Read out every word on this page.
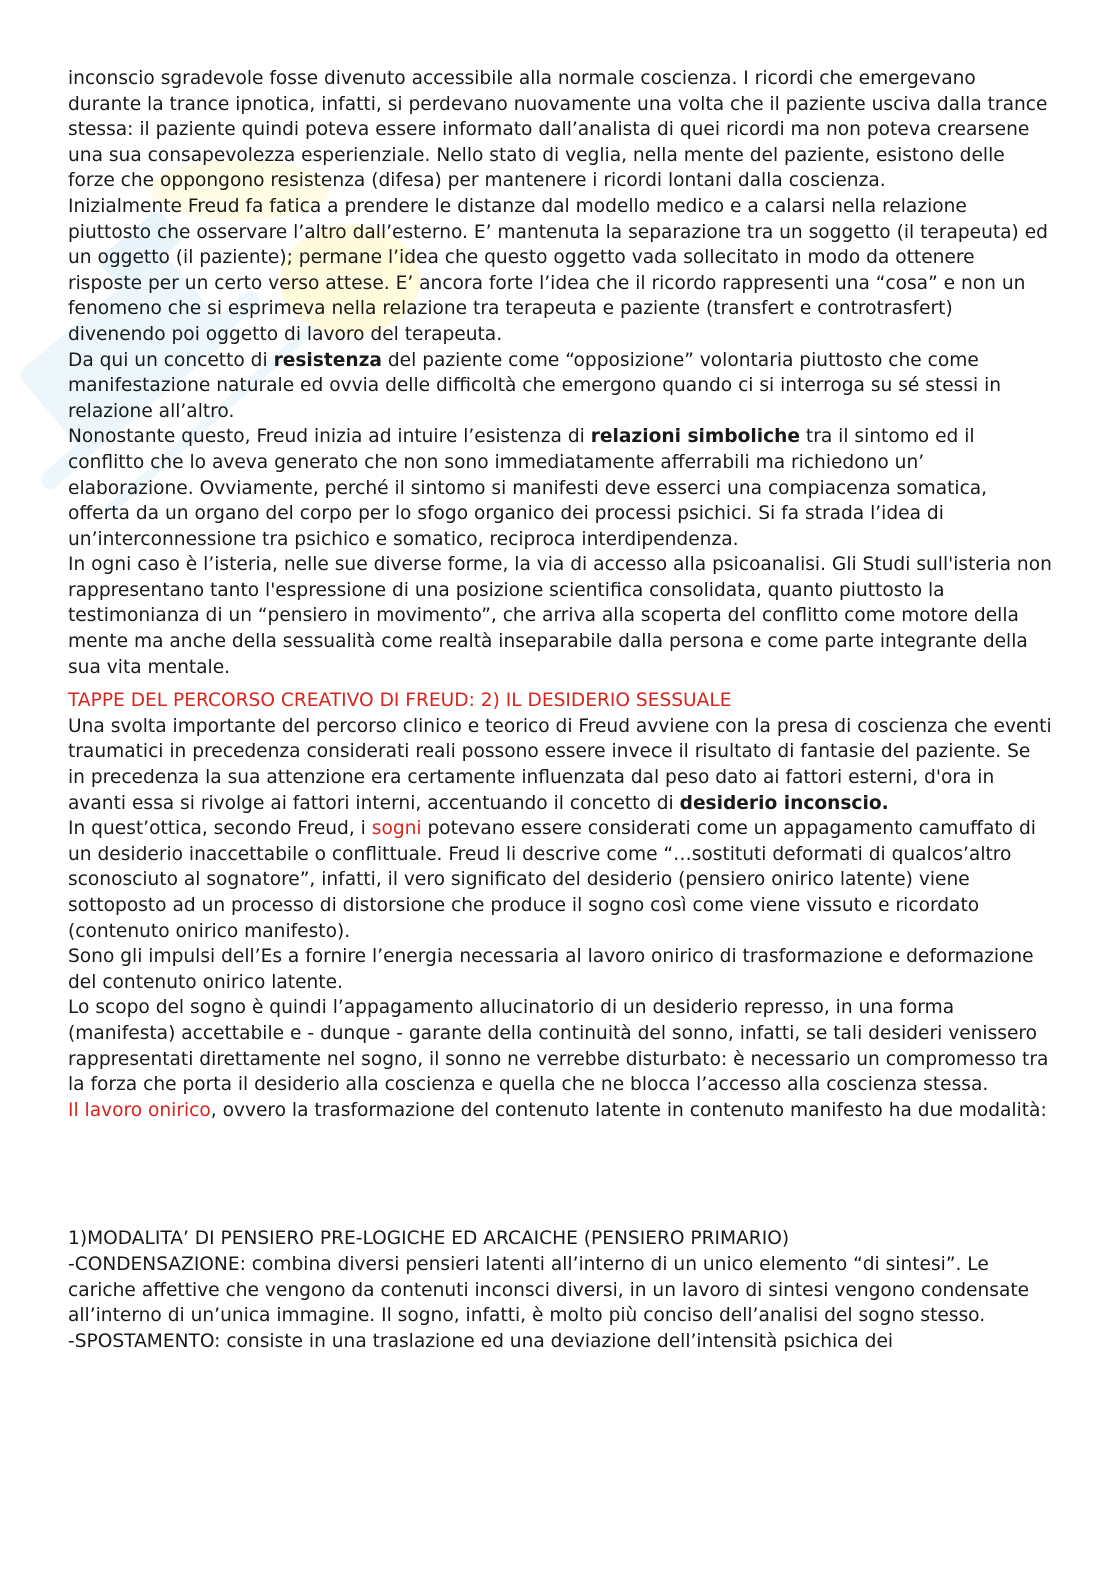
inconscio sgradevole fosse divenuto accessibile alla normale coscienza. I ricordi che emergevano durante la trance ipnotica, infatti, si perdevano nuovamente una volta che il paziente usciva dalla trance stessa: il paziente quindi poteva essere informato dall’analista di quei ricordi ma non poteva crearsene una sua consapevolezza esperienziale. Nello stato di veglia, nella mente del paziente, esistono delle forze che oppongono resistenza (difesa) per mantenere i ricordi lontani dalla coscienza.

Inizialmente Freud fa fatica a prendere le distanze dal modello medico e a calarsi nella relazione piuttosto che osservare l’altro dall’esterno. E’ mantenuta la separazione tra un soggetto (il terapeuta) ed un oggetto (il paziente); permane l’idea che questo oggetto vada sollecitato in modo da ottenere risposte per un certo verso attese. E’ ancora forte l’idea che il ricordo rappresenti una “cosa” e non un fenomeno che si esprimeva nella relazione tra terapeuta e paziente (transfert e controtrasfert) divenendo poi oggetto di lavoro del terapeuta.

Da qui un concetto di resistenza del paziente come “opposizione” volontaria piuttosto che come manifestazione naturale ed ovvia delle difficoltà che emergono quando ci si interroga su sé stessi in relazione all’altro.

Nonostante questo, Freud inizia ad intuire l’esistenza di relazioni simboliche tra il sintomo ed il conflitto che lo aveva generato che non sono immediatamente afferrabili ma richiedono un’ elaborazione. Ovviamente, perché il sintomo si manifesti deve esserci una compiacenza somatica, offerta da un organo del corpo per lo sfogo organico dei processi psichici. Si fa strada l’idea di un’interconnessione tra psichico e somatico, reciproca interdipendenza.

In ogni caso è l’isteria, nelle sue diverse forme, la via di accesso alla psicoanalisi. Gli Studi sull'isteria non rappresentano tanto l'espressione di una posizione scientifica consolidata, quanto piuttosto la testimonianza di un “pensiero in movimento”, che arriva alla scoperta del conflitto come motore della mente ma anche della sessualità come realtà inseparabile dalla persona e come parte integrante della sua vita mentale.

TAPPE DEL PERCORSO CREATIVO DI FREUD: 2) IL DESIDERIO SESSUALE

Una svolta importante del percorso clinico e teorico di Freud avviene con la presa di coscienza che eventi traumatici in precedenza considerati reali possono essere invece il risultato di fantasie del paziente. Se in precedenza la sua attenzione era certamente influenzata dal peso dato ai fattori esterni, d'ora in avanti essa si rivolge ai fattori interni, accentuando il concetto di desiderio inconscio.

In quest’ottica, secondo Freud, i sogni potevano essere considerati come un appagamento camuffato di un desiderio inaccettabile o conflittuale. Freud li descrive come “…sostituti deformati di qualcos’altro sconosciuto al sognatore”, infatti, il vero significato del desiderio (pensiero onirico latente) viene sottoposto ad un processo di distorsione che produce il sogno così come viene vissuto e ricordato (contenuto onirico manifesto).

Sono gli impulsi dell’Es a fornire l’energia necessaria al lavoro onirico di trasformazione e deformazione del contenuto onirico latente.

Lo scopo del sogno è quindi l’appagamento allucinatorio di un desiderio represso, in una forma (manifesta) accettabile e - dunque - garante della continuità del sonno, infatti, se tali desideri venissero rappresentati direttamente nel sogno, il sonno ne verrebbe disturbato: è necessario un compromesso tra la forza che porta il desiderio alla coscienza e quella che ne blocca l’accesso alla coscienza stessa.

Il lavoro onirico, ovvero la trasformazione del contenuto latente in contenuto manifesto ha due modalità:

1)MODALITA’ DI PENSIERO PRE-LOGICHE ED ARCAICHE (PENSIERO PRIMARIO)

-CONDENSAZIONE: combina diversi pensieri latenti all’interno di un unico elemento “di sintesi”. Le cariche affettive che vengono da contenuti inconsci diversi, in un lavoro di sintesi vengono condensate all’interno di un’unica immagine. Il sogno, infatti, è molto più conciso dell’analisi del sogno stesso.

-SPOSTAMENTO: consiste in una traslazione ed una deviazione dell’intensità psichica dei
